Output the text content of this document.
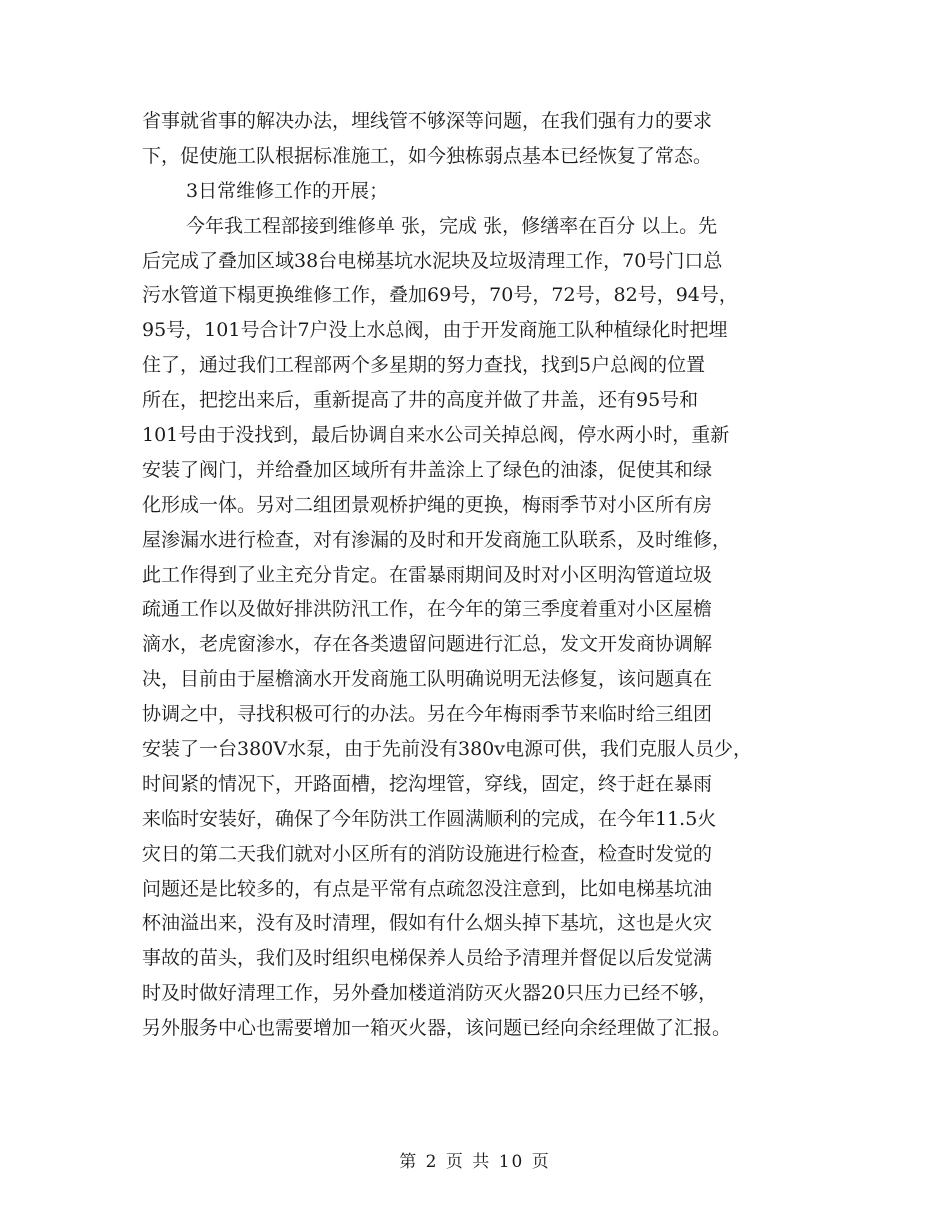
省事就省事的解决办法，埋线管不够深等问题，在我们强有力的要求
下，促使施工队根据标准施工，如今独栋弱点基本已经恢复了常态。
3日常维修工作的开展；
今年我工程部接到维修单 张，完成 张，修缮率在百分 以上。先
后完成了叠加区域38台电梯基坑水泥块及垃圾清理工作，70号门口总
污水管道下榻更换维修工作，叠加69号，70号，72号，82号，94号，
95号，101号合计7户没上水总阀，由于开发商施工队种植绿化时把埋
住了，通过我们工程部两个多星期的努力查找，找到5户总阀的位置
所在，把挖出来后，重新提高了井的高度并做了井盖，还有95号和
101号由于没找到，最后协调自来水公司关掉总阀，停水两小时，重新
安装了阀门，并给叠加区域所有井盖涂上了绿色的油漆，促使其和绿
化形成一体。另对二组团景观桥护绳的更换，梅雨季节对小区所有房
屋渗漏水进行检查，对有渗漏的及时和开发商施工队联系，及时维修，
此工作得到了业主充分肯定。在雷暴雨期间及时对小区明沟管道垃圾
疏通工作以及做好排洪防汛工作，在今年的第三季度着重对小区屋檐
滴水，老虎窗渗水，存在各类遗留问题进行汇总，发文开发商协调解
决，目前由于屋檐滴水开发商施工队明确说明无法修复，该问题真在
协调之中，寻找积极可行的办法。另在今年梅雨季节来临时给三组团
安装了一台380V水泵，由于先前没有380v电源可供，我们克服人员少，
时间紧的情况下，开路面槽，挖沟埋管，穿线，固定，终于赶在暴雨
来临时安装好，确保了今年防洪工作圆满顺利的完成，在今年11.5火
灾日的第二天我们就对小区所有的消防设施进行检查，检查时发觉的
问题还是比较多的，有点是平常有点疏忽没注意到，比如电梯基坑油
杯油溢出来，没有及时清理，假如有什么烟头掉下基坑，这也是火灾
事故的苗头，我们及时组织电梯保养人员给予清理并督促以后发觉满
时及时做好清理工作，另外叠加楼道消防灭火器20只压力已经不够，
另外服务中心也需要增加一箱灭火器，该问题已经向余经理做了汇报。
第 2 页 共 10 页
